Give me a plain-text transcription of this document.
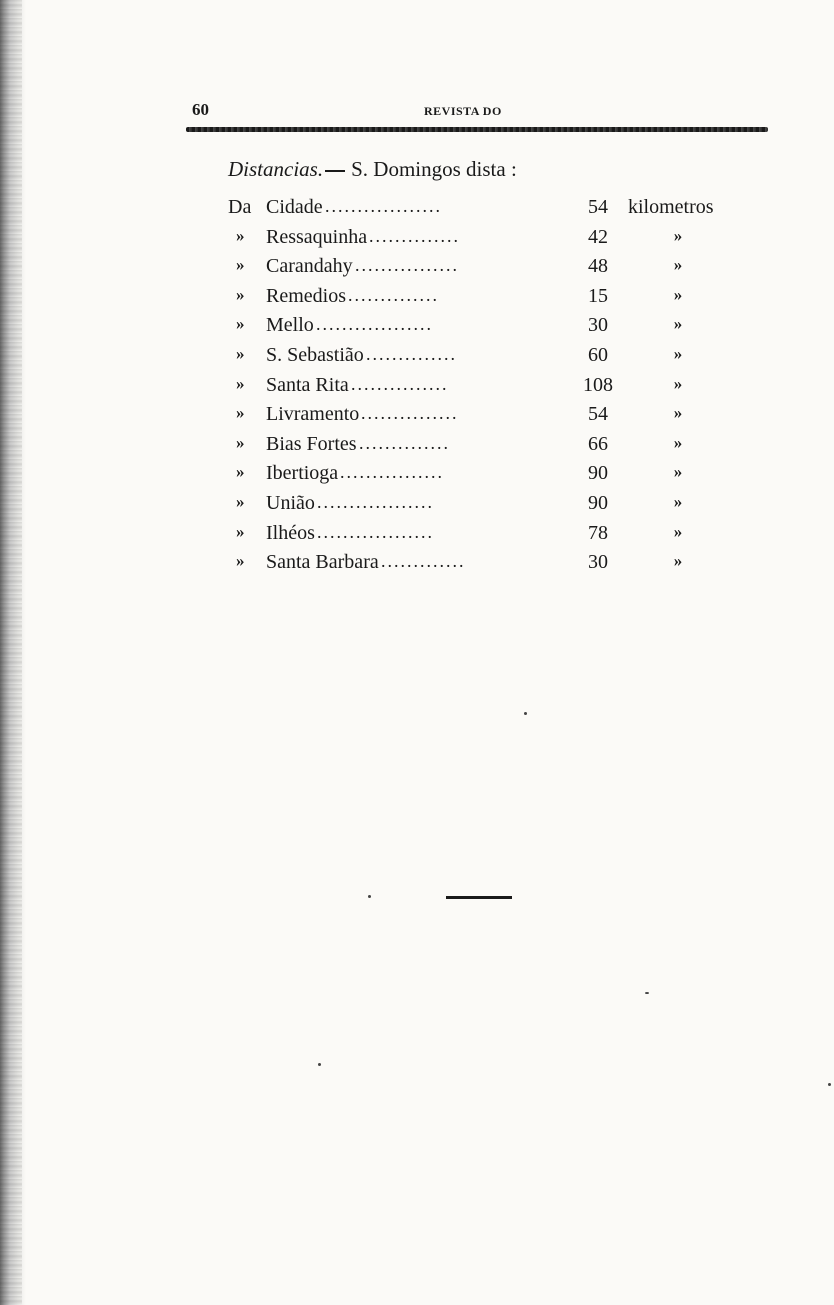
60	REVISTA DO
Distancias. S. Domingos dista :
Da Cidade ..................	54	kilometros
» Ressaquinha ..............	42	»
» Carandahy ................	48	»
» Remedios ..............	15	»
» Mello ..................	30	»
» S. Sebastião ..............	60	»
» Santa Rita ...............	108	»
» Livramento ...............	54	»
» Bias Fortes ..............	66	»
» Ibertioga ................	90	»
» União ..................	90	»
» Ilhéos ..................	78	»
» Santa Barbara .............	30	»
